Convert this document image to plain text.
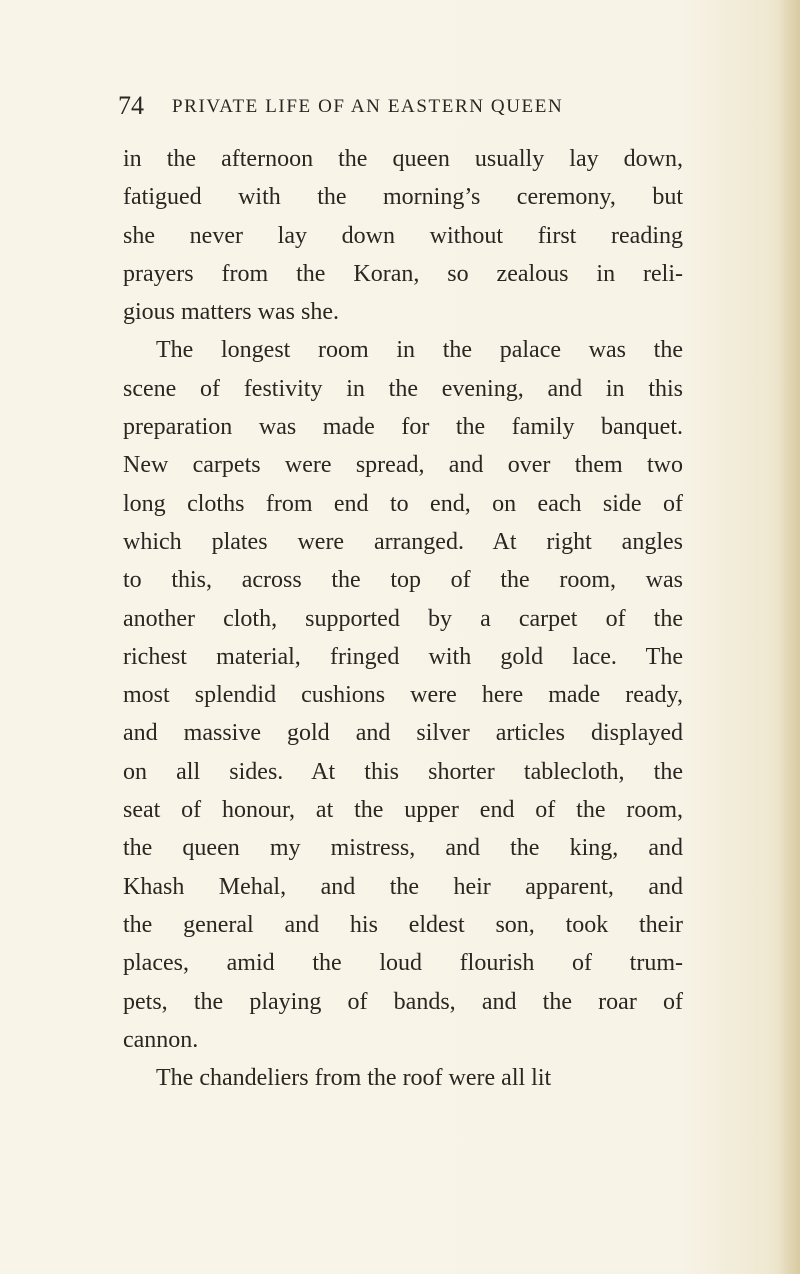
74 PRIVATE LIFE OF AN EASTERN QUEEN
in the afternoon the queen usually lay down,
fatigued with the morning’s ceremony, but
she never lay down without first reading
prayers from the Koran, so zealous in reli-
gious matters was she.
The longest room in the palace was the
scene of festivity in the evening, and in this
preparation was made for the family banquet.
New carpets were spread, and over them two
long cloths from end to end, on each side of
which plates were arranged. At right angles
to this, across the top of the room, was
another cloth, supported by a carpet of the
richest material, fringed with gold lace. The
most splendid cushions were here made ready,
and massive gold and silver articles displayed
on all sides. At this shorter tablecloth, the
seat of honour, at the upper end of the room,
the queen my mistress, and the king, and
Khash Mehal, and the heir apparent, and
the general and his eldest son, took their
places, amid the loud flourish of trum-
pets, the playing of bands, and the roar of
cannon.
The chandeliers from the roof were all lit
